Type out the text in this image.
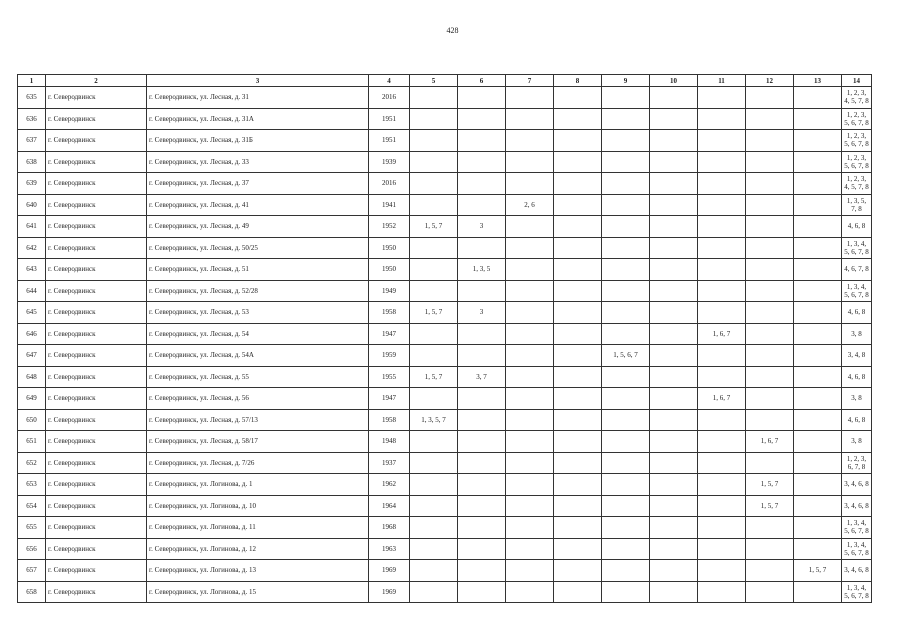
428
1	2	3	4	5	6	7	8	9	10	11	12	13	14
635	г. Северодвинск	г. Северодвинск, ул. Лесная, д. 31	2016										1, 2, 3, 4, 5, 7, 8
636	г. Северодвинск	г. Северодвинск, ул. Лесная, д. 31А	1951										1, 2, 3, 5, 6, 7, 8
637	г. Северодвинск	г. Северодвинск, ул. Лесная, д. 31Б	1951										1, 2, 3, 5, 6, 7, 8
638	г. Северодвинск	г. Северодвинск, ул. Лесная, д. 33	1939										1, 2, 3, 5, 6, 7, 8
639	г. Северодвинск	г. Северодвинск, ул. Лесная, д. 37	2016										1, 2, 3, 4, 5, 7, 8
640	г. Северодвинск	г. Северодвинск, ул. Лесная, д. 41	1941			2, 6							1, 3, 5, 7, 8
641	г. Северодвинск	г. Северодвинск, ул. Лесная, д. 49	1952	1, 5, 7	3								4, 6, 8
642	г. Северодвинск	г. Северодвинск, ул. Лесная, д. 50/25	1950										1, 3, 4, 5, 6, 7, 8
643	г. Северодвинск	г. Северодвинск, ул. Лесная, д. 51	1950		1, 3, 5								4, 6, 7, 8
644	г. Северодвинск	г. Северодвинск, ул. Лесная, д. 52/28	1949										1, 3, 4, 5, 6, 7, 8
645	г. Северодвинск	г. Северодвинск, ул. Лесная, д. 53	1958	1, 5, 7	3								4, 6, 8
646	г. Северодвинск	г. Северодвинск, ул. Лесная, д. 54	1947							1, 6, 7			3, 8
647	г. Северодвинск	г. Северодвинск, ул. Лесная, д. 54А	1959					1, 5, 6, 7					3, 4, 8
648	г. Северодвинск	г. Северодвинск, ул. Лесная, д. 55	1955	1, 5, 7	3, 7								4, 6, 8
649	г. Северодвинск	г. Северодвинск, ул. Лесная, д. 56	1947							1, 6, 7			3, 8
650	г. Северодвинск	г. Северодвинск, ул. Лесная, д. 57/13	1958	1, 3, 5, 7									4, 6, 8
651	г. Северодвинск	г. Северодвинск, ул. Лесная, д. 58/17	1948								1, 6, 7		3, 8
652	г. Северодвинск	г. Северодвинск, ул. Лесная, д. 7/26	1937										1, 2, 3, 6, 7, 8
653	г. Северодвинск	г. Северодвинск, ул. Логинова, д. 1	1962								1, 5, 7		3, 4, 6, 8
654	г. Северодвинск	г. Северодвинск, ул. Логинова, д. 10	1964								1, 5, 7		3, 4, 6, 8
655	г. Северодвинск	г. Северодвинск, ул. Логинова, д. 11	1968										1, 3, 4, 5, 6, 7, 8
656	г. Северодвинск	г. Северодвинск, ул. Логинова, д. 12	1963										1, 3, 4, 5, 6, 7, 8
657	г. Северодвинск	г. Северодвинск, ул. Логинова, д. 13	1969									1, 5, 7	3, 4, 6, 8
658	г. Северодвинск	г. Северодвинск, ул. Логинова, д. 15	1969										1, 3, 4, 5, 6, 7, 8
